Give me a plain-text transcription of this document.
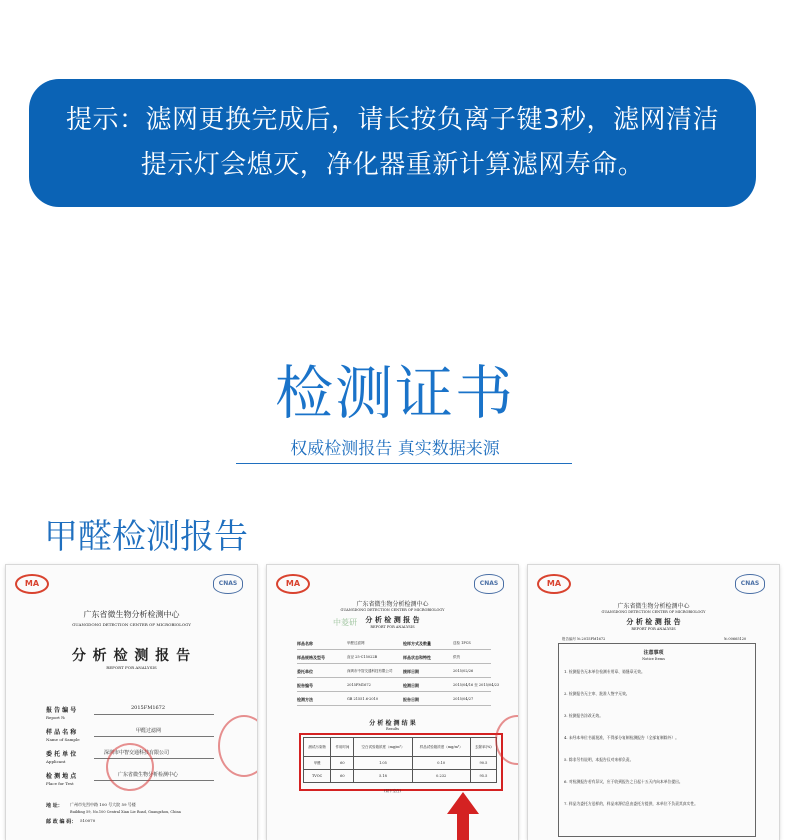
提示：滤网更换完成后，请长按负离子键3秒，滤网清洁
提示灯会熄灭，净化器重新计算滤网寿命。
检测证书
权威检测报告 真实数据来源
甲醛检测报告
MA	CNAS
广东省微生物分析检测中心
GUANGDONG DETECTION CENTER OF MICROBIOLOGY
分 析 检 测 报 告
REPORT FOR ANALYSIS
报 告 编 号
Report №
2015FM1672
样 品 名 称
Name of Sample
甲醛过滤网
委 托 单 位
Applicant
深圳市中智交通科技有限公司
检 测 地 点
Place for Test
广东省微生物分析检测中心
地 址： 广州市先烈中路 100 号大院 59 号楼
Building 59, No.100 Central Xian Lie Road, Guangzhou, China
邮 政 编 码： 510070
MA	CNAS
广东省微生物分析检测中心
GUANGDONG DETECTION CENTER OF MICROBIOLOGY
分 析 检 测 报 告
REPORT FOR ANALYSIS
中菱研
样品名称	甲醛过滤网	检样方式及数量	送检 1PCS
样品规格及型号	直径 25-C15022B	样品状态和特性	供货
委托单位	深圳市中智交通科技有限公司	接样日期	2015/02/26
报告编号	2015FM1672	检测日期	2015/04/16 至 2015/04/23
检测方法	GB 21551.6-2010	报告日期	2015/04/27
分 析 检 测 结 果
Results
测试污染物	作用时间	空白试验箱浓度（mg/m³）	样品试验箱浓度（mg/m³）	去除率(%)
甲醛	60	1.05	0.10	90.5
TVOC	60	5.18	0.232	95.5
(以下空白)
MA	CNAS
广东省微生物分析检测中心
GUANGDONG DETECTION CENTER OF MICROBIOLOGY
分 析 检 测 报 告
REPORT FOR ANALYSIS
报告编号 №.2015FM1672	№.00665120
注意事项
Notice Items
1. 检测报告无本单位检测专用章、骑缝章无效。
2. 检测报告无主审、批准人签字无效。
3. 检测报告涂改无效。
4. 未经本单位书面批准，不得部分复制检测报告（全部复制除外）。
5. 除非另有说明，本报告仅对来样负责。
6. 对检测报告若有异议，应于收到报告之日起十五天内向本单位提出。
7. 样品为委托方送样的，样品来源信息由委托方提供，本单位不负责其真实性。
